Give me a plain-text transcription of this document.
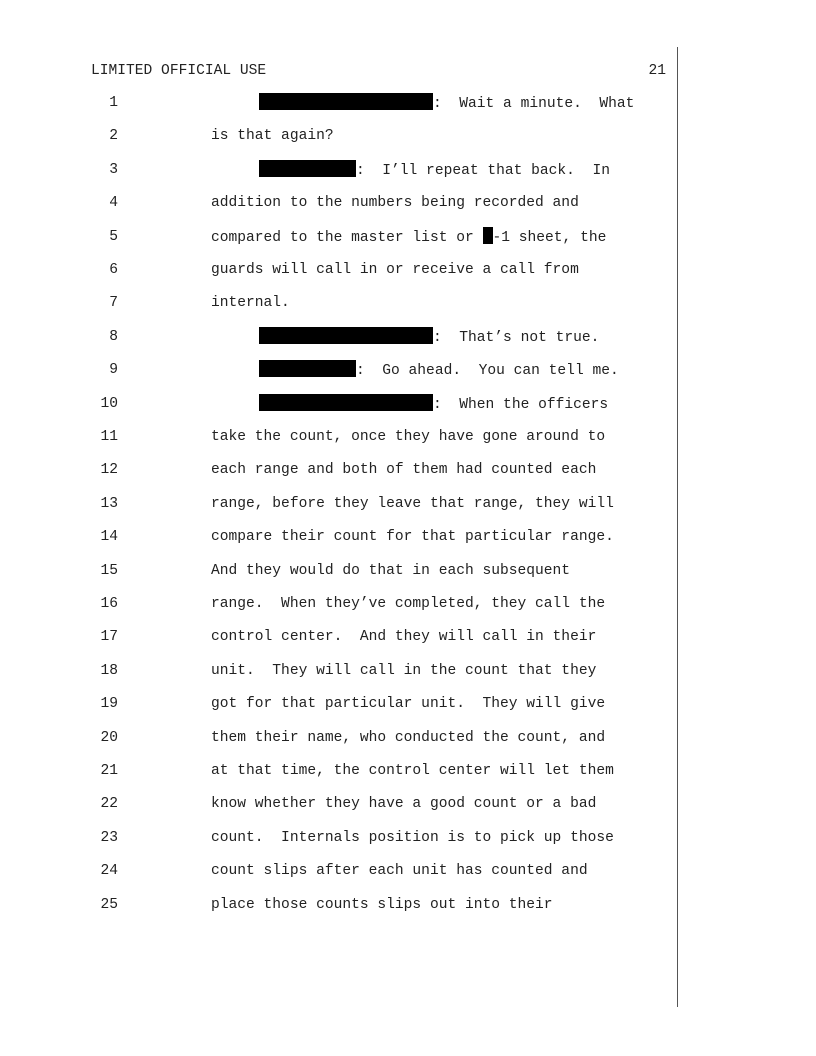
LIMITED OFFICIAL USE	21
1	:  Wait a minute.  What
2	is that again?
3	:  I’ll repeat that back.  In
4	addition to the numbers being recorded and
5	compared to the master list or -1 sheet, the
6	guards will call in or receive a call from
7	internal.
8	:  That’s not true.
9	:  Go ahead.  You can tell me.
10	:  When the officers
11	take the count, once they have gone around to
12	each range and both of them had counted each
13	range, before they leave that range, they will
14	compare their count for that particular range.
15	And they would do that in each subsequent
16	range.  When they’ve completed, they call the
17	control center.  And they will call in their
18	unit.  They will call in the count that they
19	got for that particular unit.  They will give
20	them their name, who conducted the count, and
21	at that time, the control center will let them
22	know whether they have a good count or a bad
23	count.  Internals position is to pick up those
24	count slips after each unit has counted and
25	place those counts slips out into their
